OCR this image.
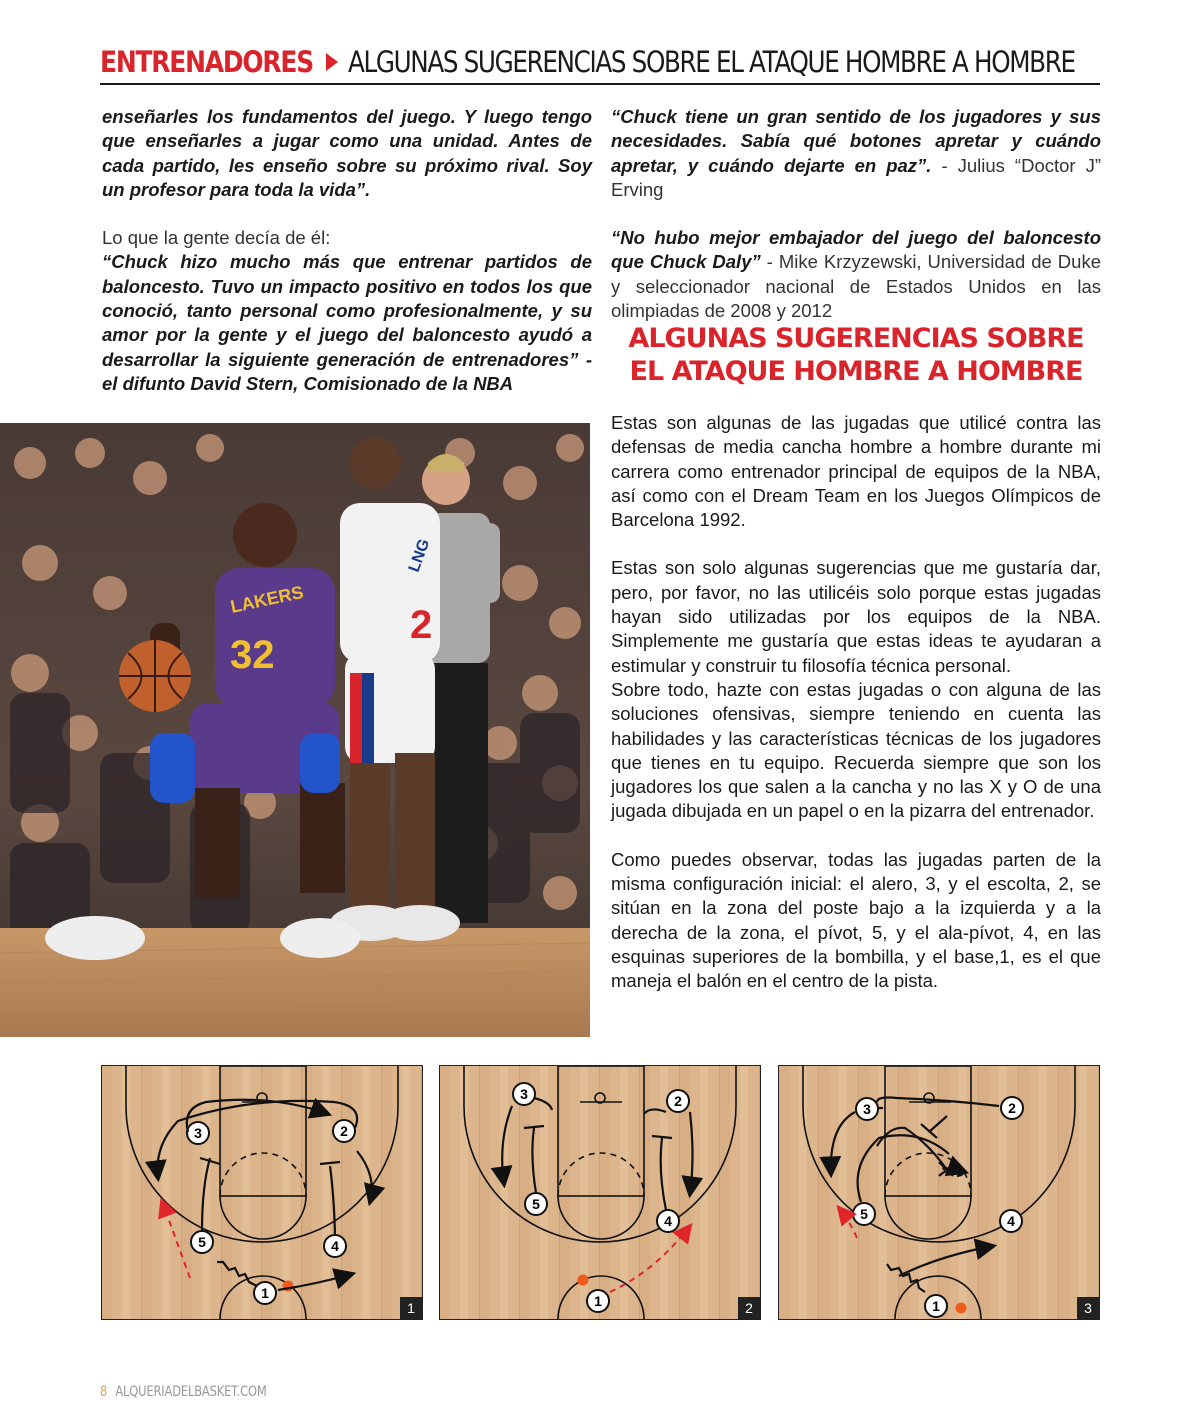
ENTRENADORES ALGUNAS SUGERENCIAS SOBRE EL ATAQUE HOMBRE A HOMBRE

enseñarles los fundamentos del juego. Y luego tengo que enseñarles a jugar como una unidad. Antes de cada partido, les enseño sobre su próximo rival. Soy un profesor para toda la vida”.

Lo que la gente decía de él:
“Chuck hizo mucho más que entrenar partidos de baloncesto. Tuvo un impacto positivo en todos los que conoció, tanto personal como profesionalmente, y su amor por la gente y el juego del baloncesto ayudó a desarrollar la siguiente generación de entrenadores” - el difunto David Stern, Comisionado de la NBA

“Chuck tiene un gran sentido de los jugadores y sus necesidades. Sabía qué botones apretar y cuándo apretar, y cuándo dejarte en paz”. - Julius “Doctor J” Erving

“No hubo mejor embajador del juego del baloncesto que Chuck Daly” - Mike Krzyzewski, Universidad de Duke y seleccionador nacional de Estados Unidos en las olimpiadas de 2008 y 2012

ALGUNAS SUGERENCIAS SOBRE
EL ATAQUE HOMBRE A HOMBRE

Estas son algunas de las jugadas que utilicé contra las defensas de media cancha hombre a hombre durante mi carrera como entrenador principal de equipos de la NBA, así como con el Dream Team en los Juegos Olímpicos de Barcelona 1992.

Estas son solo algunas sugerencias que me gustaría dar, pero, por favor, no las utilicéis solo porque estas jugadas hayan sido utilizadas por los equipos de la NBA. Simplemente me gustaría que estas ideas te ayudaran a estimular y construir tu filosofía técnica personal.

Sobre todo, hazte con estas jugadas o con alguna de las soluciones ofensivas, siempre teniendo en cuenta las habilidades y las características técnicas de los jugadores que tienes en tu equipo. Recuerda siempre que son los jugadores los que salen a la cancha y no las X y O de una jugada dibujada en un papel o en la pizarra del entrenador.

Como puedes observar, todas las jugadas parten de la misma configuración inicial: el alero, 3, y el escolta, 2, se sitúan en la zona del poste bajo a la izquierda y a la derecha de la zona, el pívot, 5, y el ala-pívot, 4, en las esquinas superiores de la bombilla, y el base,1, es el que maneja el balón en el centro de la pista.

LNG
2
LAKERS
32
3	2
5	4
1
1
3	2
5
4
1	2
3	2
5	4
1	3
8 ALQUERIADELBASKET.COM
